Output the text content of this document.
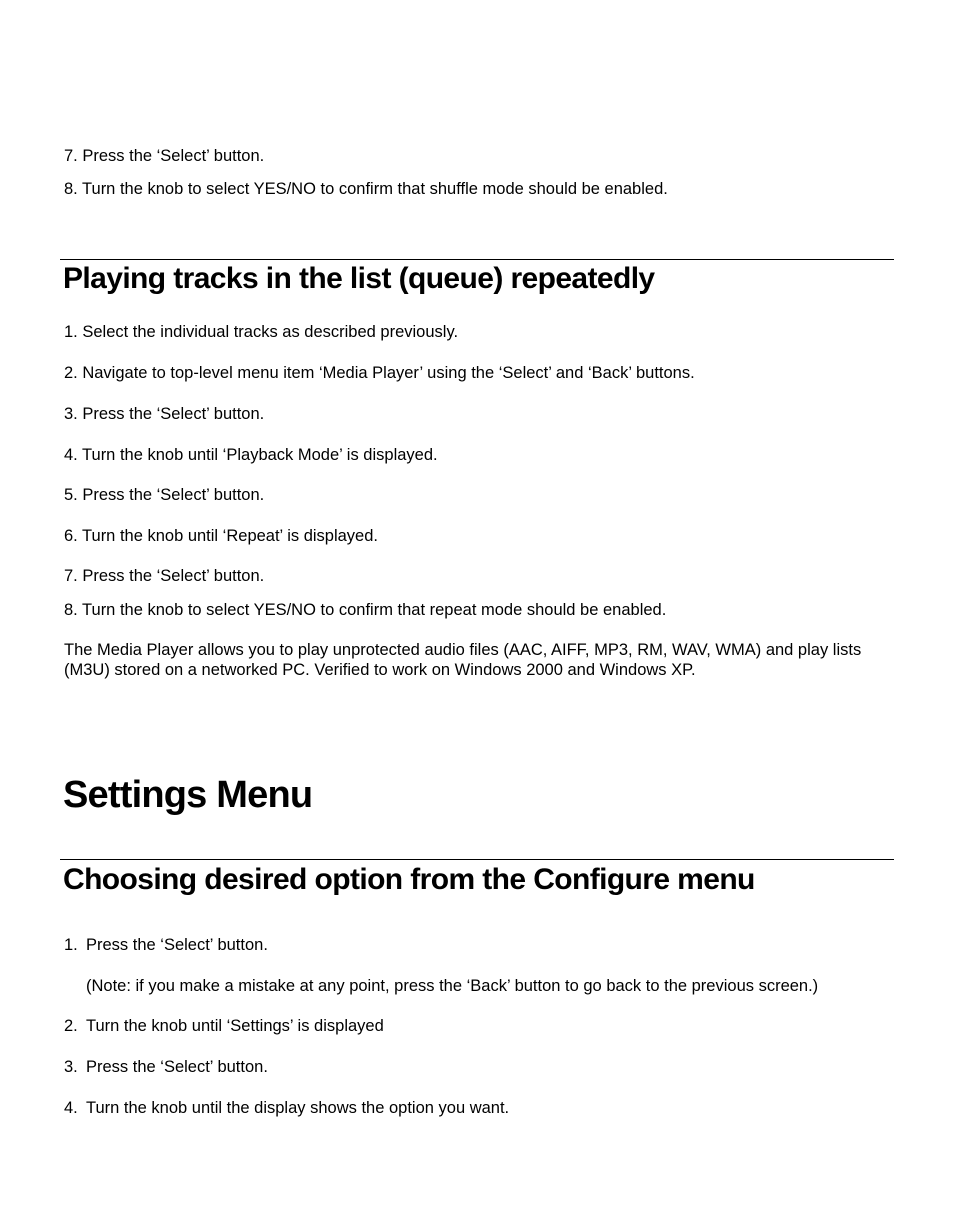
7. Press the ‘Select’ button.
8. Turn the knob to select YES/NO to confirm that shuffle mode should be enabled.
Playing tracks in the list (queue) repeatedly
1. Select the individual tracks as described previously.
2. Navigate to top-level menu item ‘Media Player’ using the ‘Select’ and ‘Back’ buttons.
3. Press the ‘Select’ button.
4. Turn the knob until ‘Playback Mode’ is displayed.
5. Press the ‘Select’ button.
6. Turn the knob until ‘Repeat’ is displayed.
7. Press the ‘Select’ button.
8. Turn the knob to select YES/NO to confirm that repeat mode should be enabled.
The Media Player allows you to play unprotected audio files (AAC, AIFF, MP3, RM, WAV, WMA) and play lists (M3U) stored on a networked PC. Verified to work on Windows 2000 and Windows XP.
Settings Menu
Choosing desired option from the Configure menu
1. Press the ‘Select’ button.
(Note: if you make a mistake at any point, press the ‘Back’ button to go back to the previous screen.)
2. Turn the knob until ‘Settings’ is displayed
3. Press the ‘Select’ button.
4. Turn the knob until the display shows the option you want.
